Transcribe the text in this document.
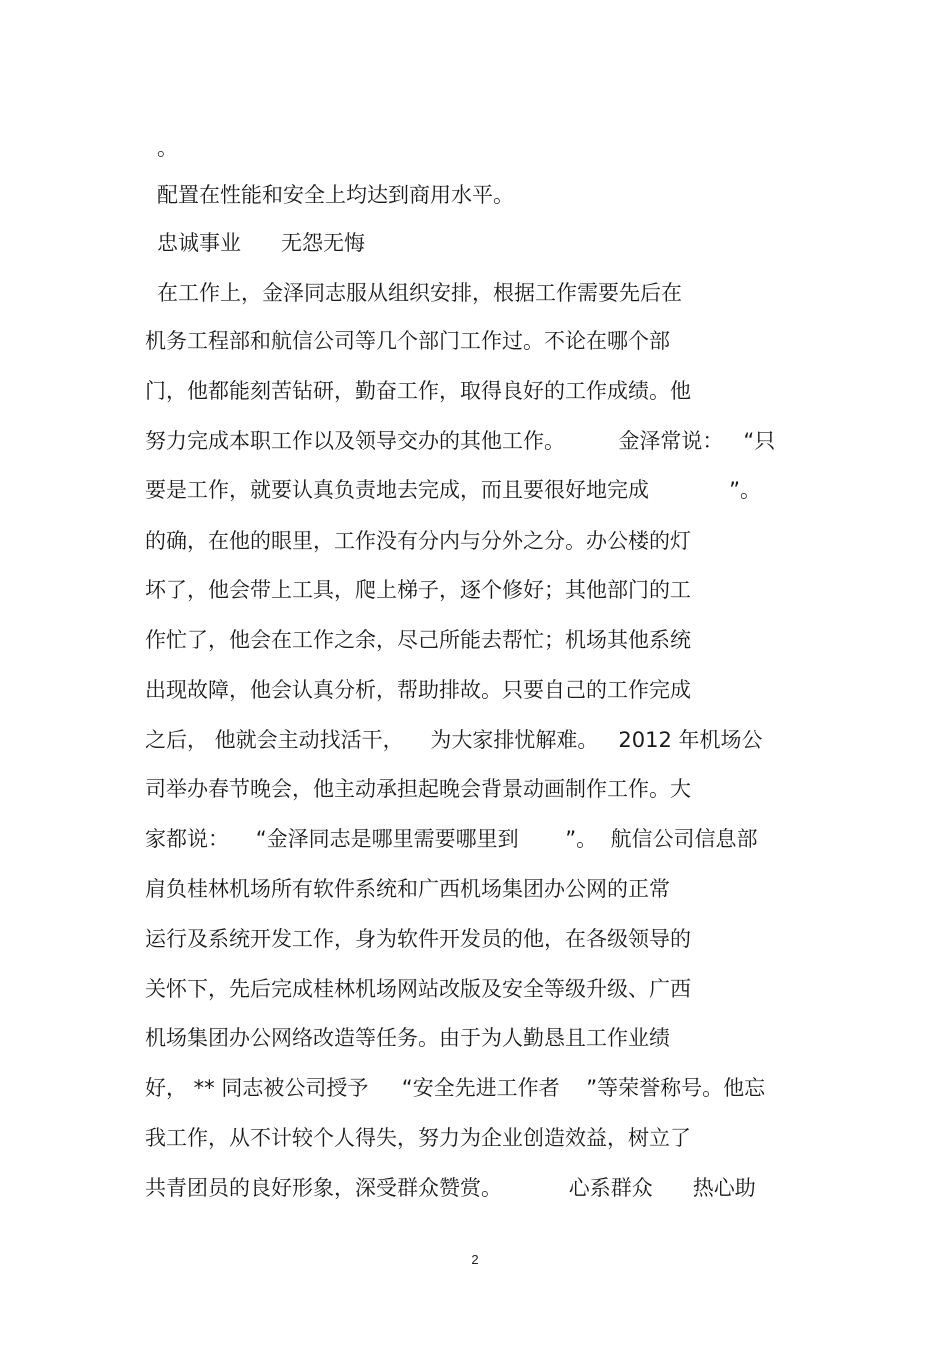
。

配置在性能和安全上均达到商用水平。

忠诚事业      无怨无悔

在工作上，金泽同志服从组织安排，根据工作需要先后在

机务工程部和航信公司等几个部门工作过。不论在哪个部

门，他都能刻苦钻研，勤奋工作，取得良好的工作成绩。他

努力完成本职工作以及领导交办的其他工作。        金泽常说：   “只

要是工作，就要认真负责地去完成，而且要很好地完成            ”。

的确，在他的眼里，工作没有分内与分外之分。办公楼的灯

坏了，他会带上工具，爬上梯子，逐个修好；其他部门的工

作忙了，他会在工作之余，尽己所能去帮忙；机场其他系统

出现故障，他会认真分析，帮助排故。只要自己的工作完成

之后， 他就会主动找活干，    为大家排忧解难。   2012 年机场公

司举办春节晚会，他主动承担起晚会背景动画制作工作。大

家都说：    “金泽同志是哪里需要哪里到       ”。  航信公司信息部

肩负桂林机场所有软件系统和广西机场集团办公网的正常

运行及系统开发工作，身为软件开发员的他，在各级领导的

关怀下，先后完成桂林机场网站改版及安全等级升级、广西

机场集团办公网络改造等任务。由于为人勤恳且工作业绩

好， ** 同志被公司授予     “安全先进工作者    ”等荣誉称号。他忘

我工作，从不计较个人得失，努力为企业创造效益，树立了

共青团员的良好形象，深受群众赞赏。          心系群众      热心助

2
